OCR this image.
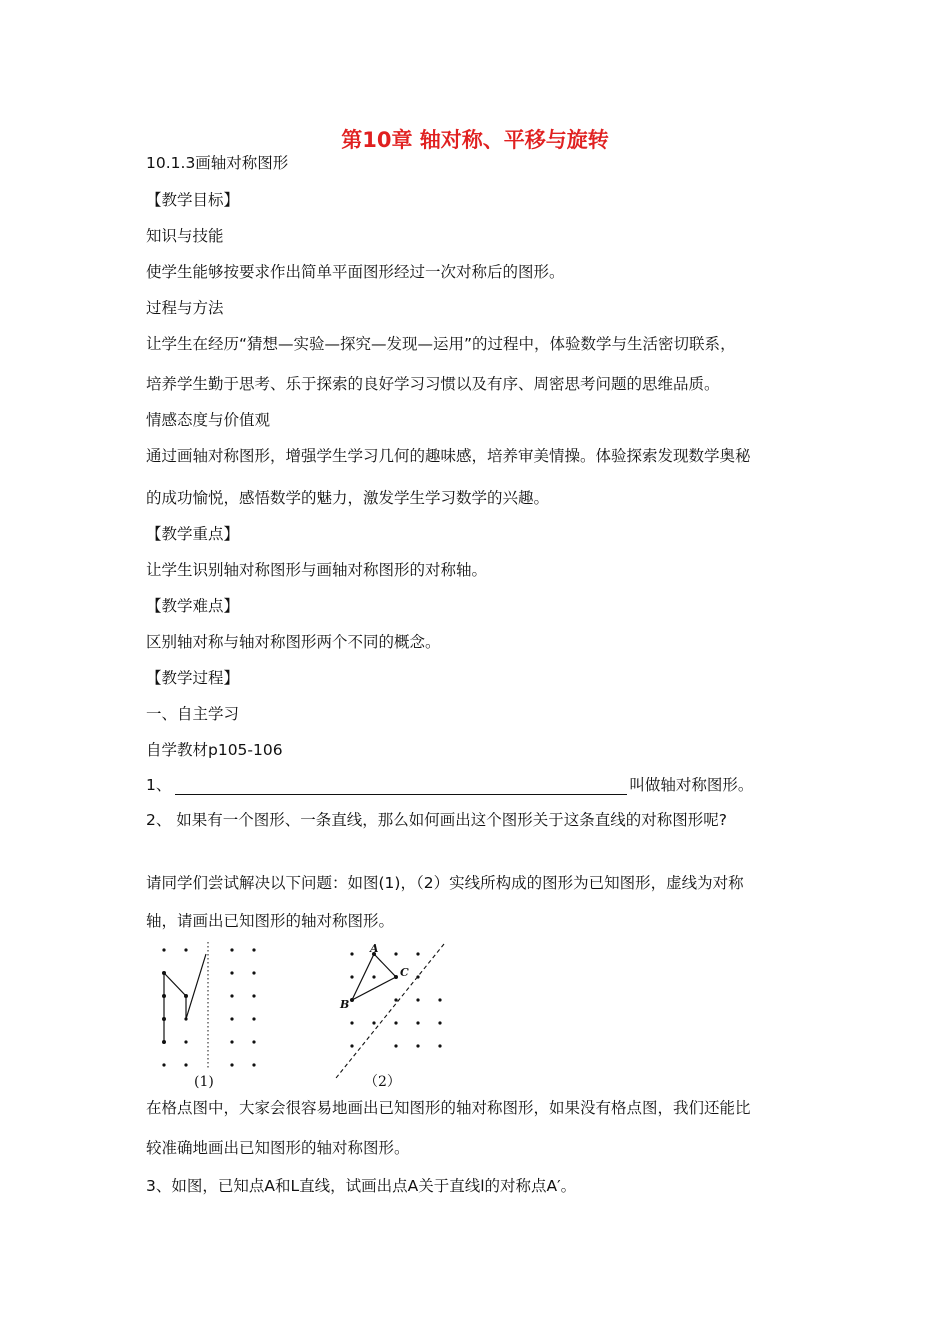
第10章 轴对称、平移与旋转
10.1.3画轴对称图形
【教学目标】
知识与技能
使学生能够按要求作出简单平面图形经过一次对称后的图形。
过程与方法
让学生在经历“猜想—实验—探究—发现—运用”的过程中，体验数学与生活密切联系，
培养学生勤于思考、乐于探索的良好学习习惯以及有序、周密思考问题的思维品质。
情感态度与价值观
通过画轴对称图形，增强学生学习几何的趣味感，培养审美情操。体验探索发现数学奥秘
的成功愉悦，感悟数学的魅力，激发学生学习数学的兴趣。
【教学重点】
让学生识别轴对称图形与画轴对称图形的对称轴。
【教学难点】
区别轴对称与轴对称图形两个不同的概念。
【教学过程】
一、自主学习
自学教材p105-106
1、	叫做轴对称图形。
2、 如果有一个图形、一条直线，那么如何画出这个图形关于这条直线的对称图形呢?
请同学们尝试解决以下问题：如图(1)，（2）实线所构成的图形为已知图形，虚线为对称
轴，请画出已知图形的轴对称图形。
(1)
A
B
C
（2）
在格点图中，大家会很容易地画出已知图形的轴对称图形，如果没有格点图，我们还能比
较准确地画出已知图形的轴对称图形。
3、如图，已知点A和L直线，试画出点A关于直线l的对称点A′。
